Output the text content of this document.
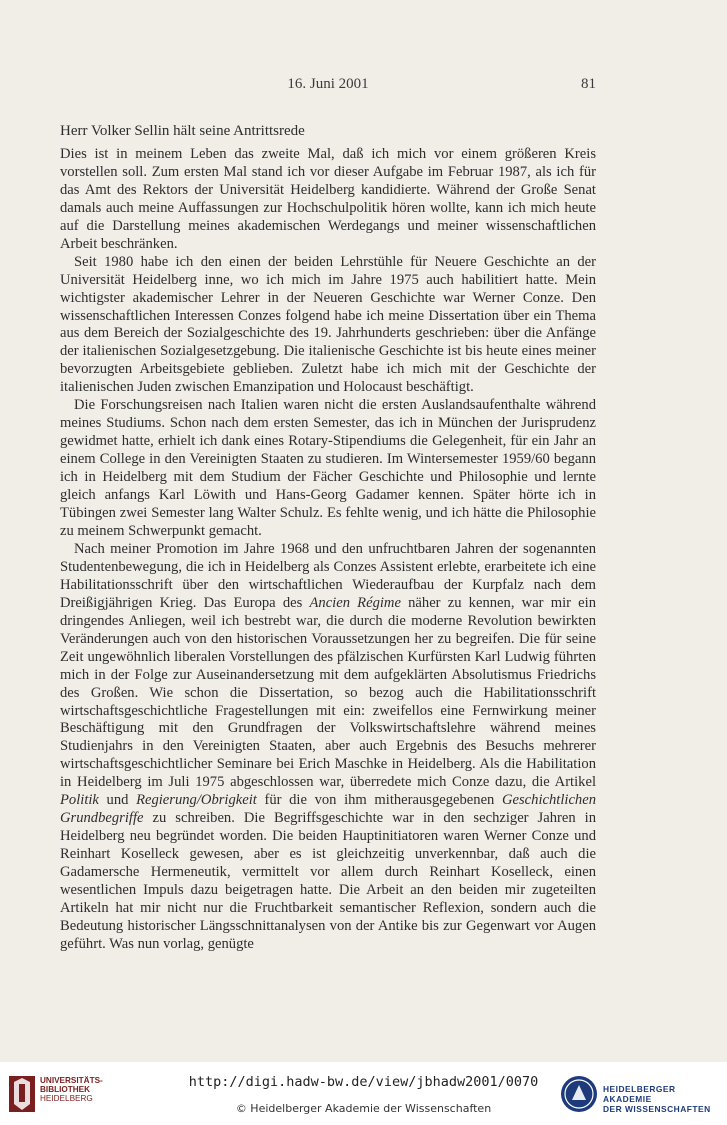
16. Juni 2001	81
Herr Volker Sellin hält seine Antrittsrede

Dies ist in meinem Leben das zweite Mal, daß ich mich vor einem größeren Kreis vorstellen soll. Zum ersten Mal stand ich vor dieser Aufgabe im Februar 1987, als ich für das Amt des Rektors der Universität Heidelberg kandidierte. Während der Große Senat damals auch meine Auffassungen zur Hochschulpolitik hören wollte, kann ich mich heute auf die Darstellung meines akademischen Werdegangs und meiner wissenschaftlichen Arbeit beschränken.

Seit 1980 habe ich den einen der beiden Lehrstühle für Neuere Geschichte an der Universität Heidelberg inne, wo ich mich im Jahre 1975 auch habilitiert hatte. Mein wichtigster akademischer Lehrer in der Neueren Geschichte war Werner Conze. Den wissenschaftlichen Interessen Conzes folgend habe ich meine Dissertation über ein Thema aus dem Bereich der Sozialgeschichte des 19. Jahrhunderts geschrieben: über die Anfänge der italienischen Sozialgesetzgebung. Die italienische Geschichte ist bis heute eines meiner bevorzugten Arbeitsgebiete geblieben. Zuletzt habe ich mich mit der Geschichte der italienischen Juden zwischen Emanzipation und Holocaust beschäftigt.

Die Forschungsreisen nach Italien waren nicht die ersten Auslandsaufenthalte während meines Studiums. Schon nach dem ersten Semester, das ich in München der Jurisprudenz gewidmet hatte, erhielt ich dank eines Rotary-Stipendiums die Gelegenheit, für ein Jahr an einem College in den Vereinigten Staaten zu studieren. Im Wintersemester 1959/60 begann ich in Heidelberg mit dem Studium der Fächer Geschichte und Philosophie und lernte gleich anfangs Karl Löwith und Hans-Georg Gadamer kennen. Später hörte ich in Tübingen zwei Semester lang Walter Schulz. Es fehlte wenig, und ich hätte die Philosophie zu meinem Schwerpunkt gemacht.

Nach meiner Promotion im Jahre 1968 und den unfruchtbaren Jahren der sogenannten Studentenbewegung, die ich in Heidelberg als Conzes Assistent erlebte, erarbeitete ich eine Habilitationsschrift über den wirtschaftlichen Wiederaufbau der Kurpfalz nach dem Dreißigjährigen Krieg. Das Europa des Ancien Régime näher zu kennen, war mir ein dringendes Anliegen, weil ich bestrebt war, die durch die moderne Revolution bewirkten Veränderungen auch von den historischen Voraussetzungen her zu begreifen. Die für seine Zeit ungewöhnlich liberalen Vorstellungen des pfälzischen Kurfürsten Karl Ludwig führten mich in der Folge zur Auseinandersetzung mit dem aufgeklärten Absolutismus Friedrichs des Großen. Wie schon die Dissertation, so bezog auch die Habilitationsschrift wirtschaftsgeschichtliche Fragestellungen mit ein: zweifellos eine Fernwirkung meiner Beschäftigung mit den Grundfragen der Volkswirtschaftslehre während meines Studienjahrs in den Vereinigten Staaten, aber auch Ergebnis des Besuchs mehrerer wirtschaftsgeschichtlicher Seminare bei Erich Maschke in Heidelberg. Als die Habilitation in Heidelberg im Juli 1975 abgeschlossen war, überredete mich Conze dazu, die Artikel Politik und Regierung/Obrigkeit für die von ihm mitherausgegebenen Geschichtlichen Grundbegriffe zu schreiben. Die Begriffsgeschichte war in den sechziger Jahren in Heidelberg neu begründet worden. Die beiden Hauptinitiatoren waren Werner Conze und Reinhart Koselleck gewesen, aber es ist gleichzeitig unverkennbar, daß auch die Gadamersche Hermeneutik, vermittelt vor allem durch Reinhart Koselleck, einen wesentlichen Impuls dazu beigetragen hatte. Die Arbeit an den beiden mir zugeteilten Artikeln hat mir nicht nur die Fruchtbarkeit semantischer Reflexion, sondern auch die Bedeutung historischer Längsschnittanalysen von der Antike bis zur Gegenwart vor Augen geführt. Was nun vorlag, genügte

UNIVERSITÄTS-
BIBLIOTHEK
HEIDELBERG
http://digi.hadw-bw.de/view/jbhadw2001/0070
© Heidelberger Akademie der Wissenschaften
HEIDELBERGER AKADEMIE
DER WISSENSCHAFTEN
